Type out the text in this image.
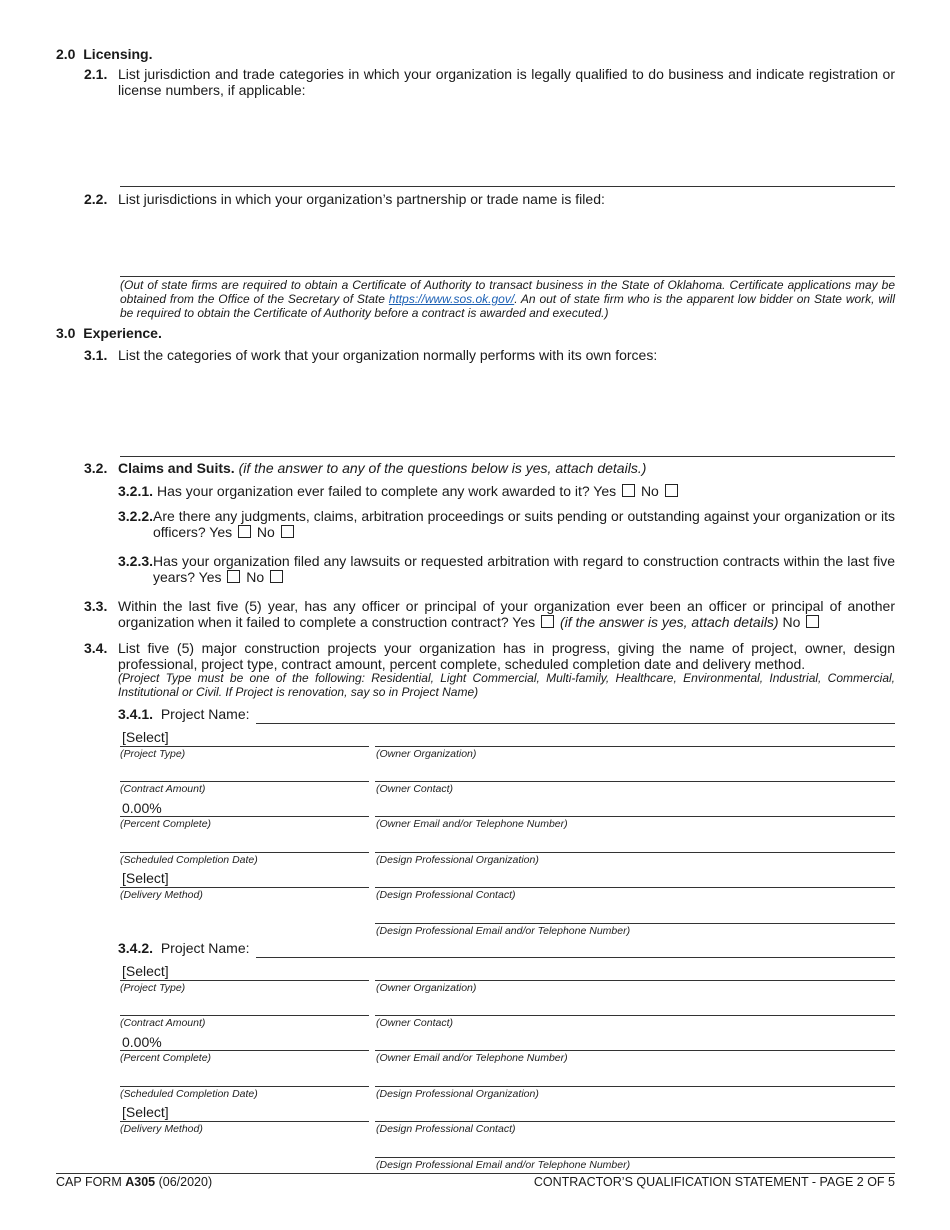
2.0 Licensing.
2.1. List jurisdiction and trade categories in which your organization is legally qualified to do business and indicate registration or license numbers, if applicable:
2.2. List jurisdictions in which your organization’s partnership or trade name is filed:
(Out of state firms are required to obtain a Certificate of Authority to transact business in the State of Oklahoma. Certificate applications may be obtained from the Office of the Secretary of State https://www.sos.ok.gov/. An out of state firm who is the apparent low bidder on State work, will be required to obtain the Certificate of Authority before a contract is awarded and executed.)
3.0 Experience.
3.1. List the categories of work that your organization normally performs with its own forces:
3.2. Claims and Suits. (if the answer to any of the questions below is yes, attach details.)
3.2.1. Has your organization ever failed to complete any work awarded to it? Yes No
3.2.2. Are there any judgments, claims, arbitration proceedings or suits pending or outstanding against your organization or its officers? Yes No
3.2.3. Has your organization filed any lawsuits or requested arbitration with regard to construction contracts within the last five years? Yes No
3.3. Within the last five (5) year, has any officer or principal of your organization ever been an officer or principal of another organization when it failed to complete a construction contract? Yes (if the answer is yes, attach details) No
3.4. List five (5) major construction projects your organization has in progress, giving the name of project, owner, design professional, project type, contract amount, percent complete, scheduled completion date and delivery method.
(Project Type must be one of the following: Residential, Light Commercial, Multi-family, Healthcare, Environmental, Industrial, Commercial, Institutional or Civil. If Project is renovation, say so in Project Name)
3.4.1. Project Name:
[Select]
(Project Type)
(Contract Amount)
0.00%
(Percent Complete)
(Scheduled Completion Date)
[Select]
(Delivery Method)
(Owner Organization)
(Owner Contact)
(Owner Email and/or Telephone Number)
(Design Professional Organization)
(Design Professional Contact)
(Design Professional Email and/or Telephone Number)
3.4.2. Project Name:
[Select]
(Project Type)
(Contract Amount)
0.00%
(Percent Complete)
(Scheduled Completion Date)
[Select]
(Delivery Method)
(Owner Organization)
(Owner Contact)
(Owner Email and/or Telephone Number)
(Design Professional Organization)
(Design Professional Contact)
(Design Professional Email and/or Telephone Number)
CAP FORM A305 (06/2020)	CONTRACTOR’S QUALIFICATION STATEMENT - PAGE 2 OF 5
